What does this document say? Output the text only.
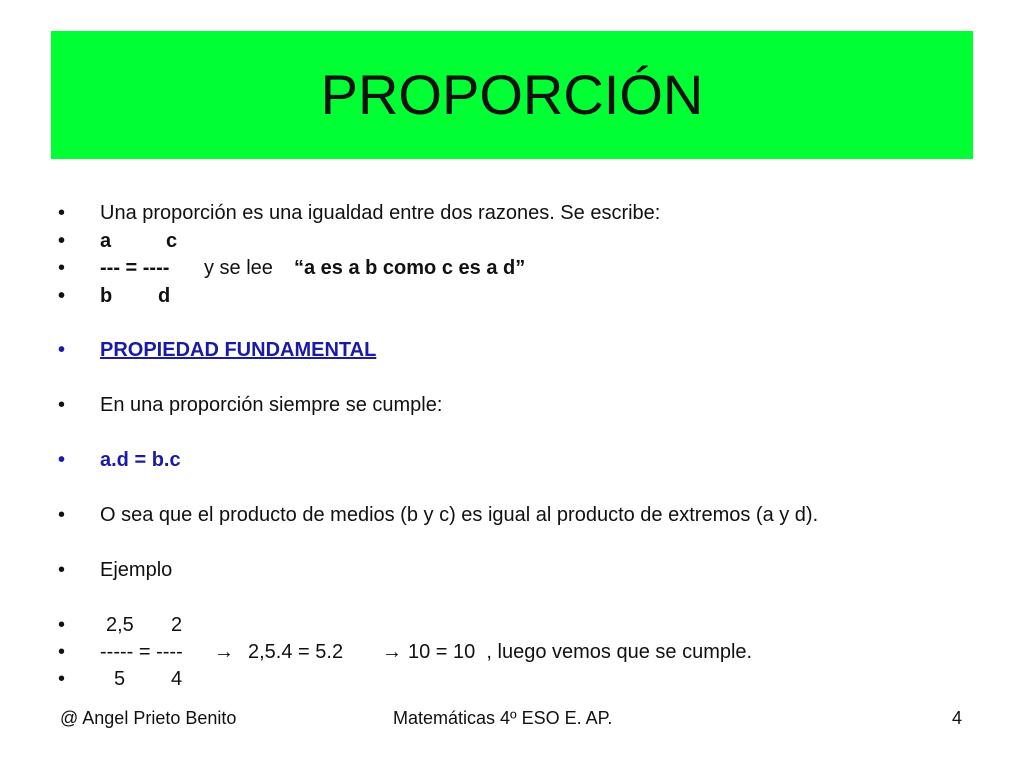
PROPORCIÓN

•

	Una proporción es una igualdad entre dos razones. Se escribe:

•

	a

	c

•

	--- = ----

y se lee

“a es a b como c es a d”

•

	b

d

•

	PROPIEDAD FUNDAMENTAL

•

	En una proporción siempre se cumple:

•

	a.d = b.c

•

	O sea que el producto de medios (b y c) es igual al producto de extremos (a y d).

•

	Ejemplo

•

	2,5

2

•

	----- = ----

→

2,5.4 = 5.2

→

10 = 10  , luego vemos que se cumple.

•

	5

4

@ Angel Prieto Benito	Matemáticas 4º ESO E. AP.	4
